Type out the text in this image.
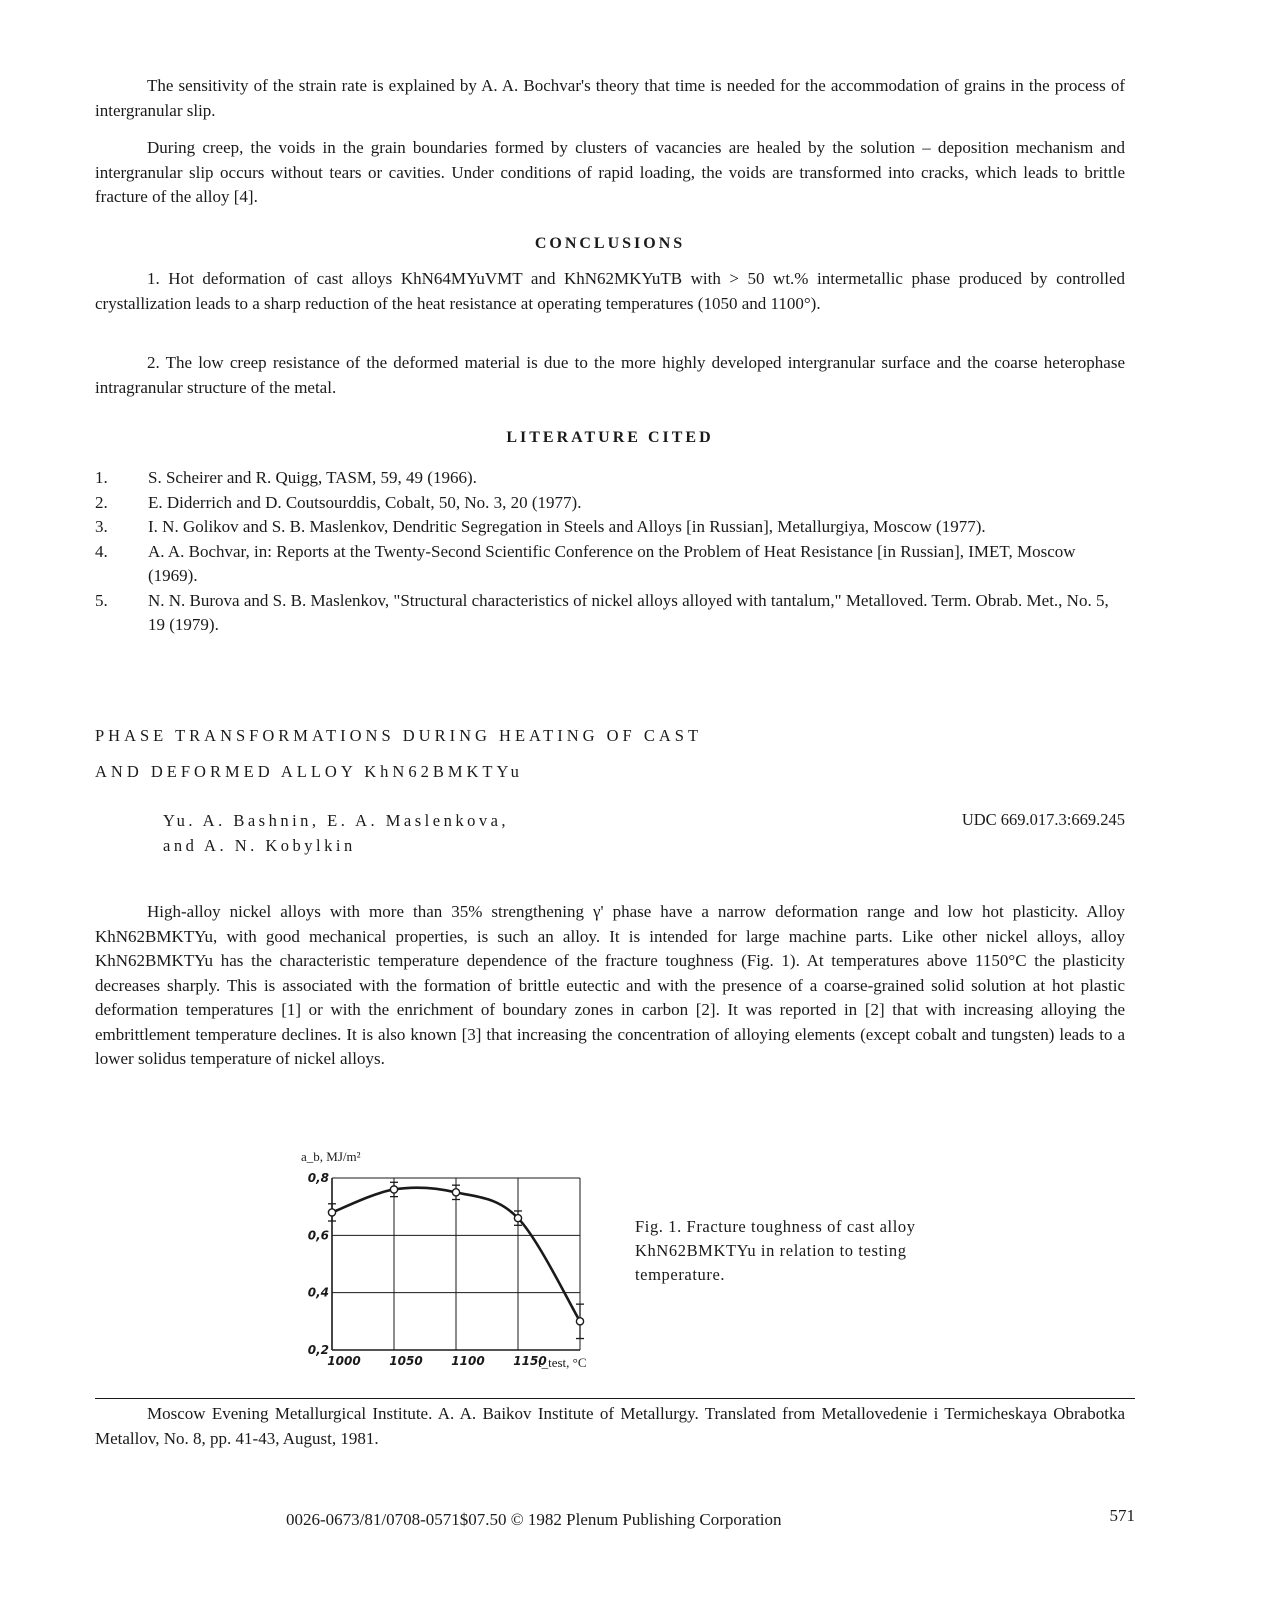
The sensitivity of the strain rate is explained by A. A. Bochvar's theory that time is needed for the accommodation of grains in the process of intergranular slip.

During creep, the voids in the grain boundaries formed by clusters of vacancies are healed by the solution – deposition mechanism and intergranular slip occurs without tears or cavities. Under conditions of rapid loading, the voids are transformed into cracks, which leads to brittle fracture of the alloy [4].

CONCLUSIONS

1. Hot deformation of cast alloys KhN64MYuVMT and KhN62MKYuTB with > 50 wt.% intermetallic phase produced by controlled crystallization leads to a sharp reduction of the heat resistance at operating temperatures (1050 and 1100°).

2. The low creep resistance of the deformed material is due to the more highly developed intergranular surface and the coarse heterophase intragranular structure of the metal.

LITERATURE CITED
1. S. Scheirer and R. Quigg, TASM, 59, 49 (1966).
2. E. Diderrich and D. Coutsourddis, Cobalt, 50, No. 3, 20 (1977).
3. I. N. Golikov and S. B. Maslenkov, Dendritic Segregation in Steels and Alloys [in Russian], Metallurgiya, Moscow (1977).
4. A. A. Bochvar, in: Reports at the Twenty-Second Scientific Conference on the Problem of Heat Resistance [in Russian], IMET, Moscow (1969).
5. N. N. Burova and S. B. Maslenkov, "Structural characteristics of nickel alloys alloyed with tantalum," Metalloved. Term. Obrab. Met., No. 5, 19 (1979).
PHASE TRANSFORMATIONS DURING HEATING OF CAST
AND DEFORMED ALLOY KhN62BMKTYu
Yu. A. Bashnin, E. A. Maslenkova,
and A. N. Kobylkin

UDC 669.017.3:669.245

High-alloy nickel alloys with more than 35% strengthening γ' phase have a narrow deformation range and low hot plasticity. Alloy KhN62BMKTYu, with good mechanical properties, is such an alloy. It is intended for large machine parts. Like other nickel alloys, alloy KhN62BMKTYu has the characteristic temperature dependence of the fracture toughness (Fig. 1). At temperatures above 1150°C the plasticity decreases sharply. This is associated with the formation of brittle eutectic and with the presence of a coarse-grained solid solution at hot plastic deformation temperatures [1] or with the enrichment of boundary zones in carbon [2]. It was reported in [2] that with increasing alloying the embrittlement temperature declines. It is also known [3] that increasing the concentration of alloying elements (except cobalt and tungsten) leads to a lower solidus temperature of nickel alloys.

0,8
0,6
0,4
0,2
1000 1050 1100 1150
a_b, MJ/m²
t_test, °C

Fig. 1. Fracture toughness of cast alloy KhN62BMKTYu in relation to testing temperature.

Moscow Evening Metallurgical Institute. A. A. Baikov Institute of Metallurgy. Translated from Metallovedenie i Termicheskaya Obrabotka Metallov, No. 8, pp. 41-43, August, 1981.

0026-0673/81/0708-0571$07.50 © 1982 Plenum Publishing Corporation	571
